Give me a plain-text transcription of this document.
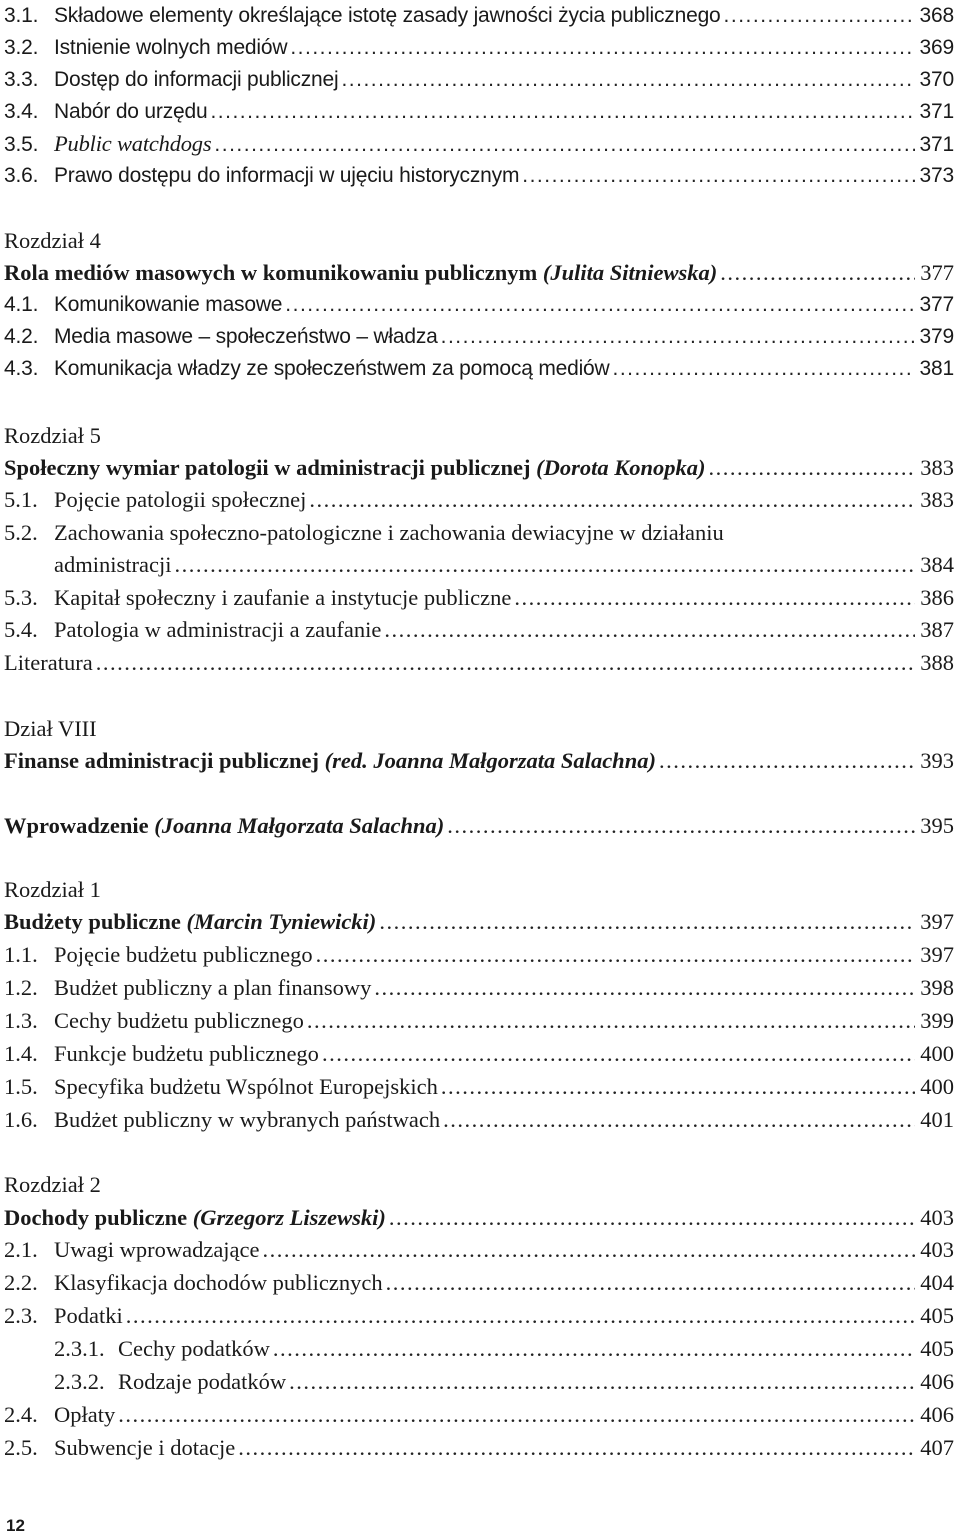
3.1. Składowe elementy określające istotę zasady jawności życia publicznego .....	368
3.2. Istnienie wolnych mediów .....	369
3.3. Dostęp do informacji publicznej .....	370
3.4. Nabór do urzędu .....	371
3.5. Public watchdogs .....	371
3.6. Prawo dostępu do informacji w ujęciu historycznym .....	373
Rozdział 4
Rola mediów masowych w komunikowaniu publicznym (Julita Sitniewska) .....	377
4.1. Komunikowanie masowe .....	377
4.2. Media masowe – społeczeństwo – władza .....	379
4.3. Komunikacja władzy ze społeczeństwem za pomocą mediów .....	381
Rozdział 5
Społeczny wymiar patologii w administracji publicznej (Dorota Konopka) .....	383
5.1. Pojęcie patologii społecznej .....	383
5.2. Zachowania społeczno-patologiczne i zachowania dewiacyjne w działaniu
administracji .....	384
5.3. Kapitał społeczny i zaufanie a instytucje publiczne .....	386
5.4. Patologia w administracji a zaufanie .....	387
Literatura .....	388
Dział VIII
Finanse administracji publicznej (red. Joanna Małgorzata Salachna) .....	393
Wprowadzenie (Joanna Małgorzata Salachna) .....	395
Rozdział 1
Budżety publiczne (Marcin Tyniewicki) .....	397
1.1. Pojęcie budżetu publicznego .....	397
1.2. Budżet publiczny a plan finansowy .....	398
1.3. Cechy budżetu publicznego .....	399
1.4. Funkcje budżetu publicznego .....	400
1.5. Specyfika budżetu Wspólnot Europejskich .....	400
1.6. Budżet publiczny w wybranych państwach .....	401
Rozdział 2
Dochody publiczne (Grzegorz Liszewski) .....	403
2.1. Uwagi wprowadzające .....	403
2.2. Klasyfikacja dochodów publicznych .....	404
2.3. Podatki .....	405
2.3.1. Cechy podatków .....	405
2.3.2. Rodzaje podatków .....	406
2.4. Opłaty .....	406
2.5. Subwencje i dotacje .....	407
12
